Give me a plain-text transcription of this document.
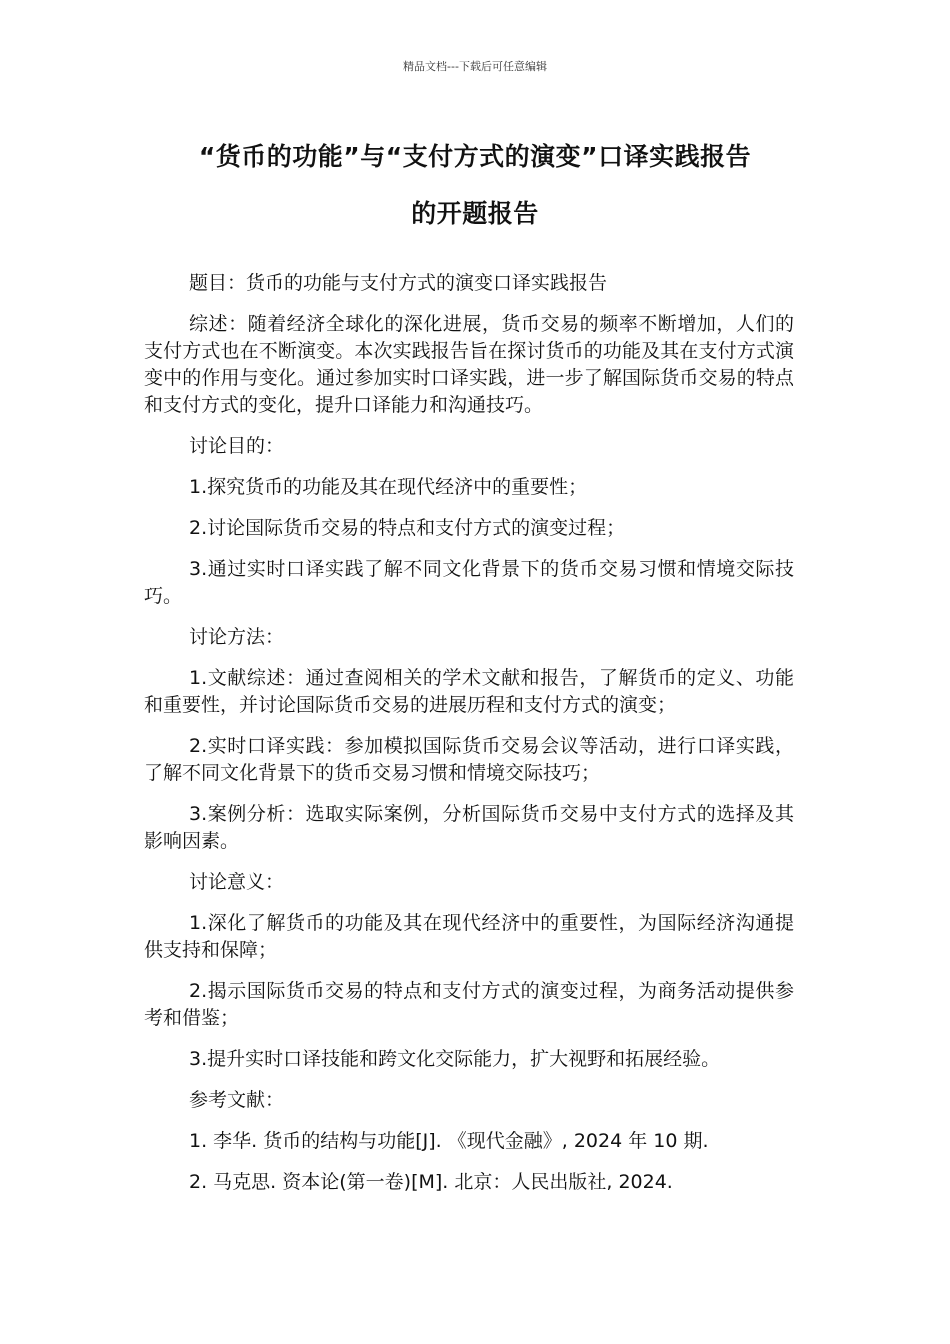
精品文档---下载后可任意编辑
“货币的功能”与“支付方式的演变”口译实践报告
的开题报告

题目：货币的功能与支付方式的演变口译实践报告

综述：随着经济全球化的深化进展，货币交易的频率不断增加，人们的支付方式也在不断演变。本次实践报告旨在探讨货币的功能及其在支付方式演变中的作用与变化。通过参加实时口译实践，进一步了解国际货币交易的特点和支付方式的变化，提升口译能力和沟通技巧。

讨论目的：

1.探究货币的功能及其在现代经济中的重要性；

2.讨论国际货币交易的特点和支付方式的演变过程；

3.通过实时口译实践了解不同文化背景下的货币交易习惯和情境交际技巧。

讨论方法：

1.文献综述：通过查阅相关的学术文献和报告，了解货币的定义、功能和重要性，并讨论国际货币交易的进展历程和支付方式的演变；

2.实时口译实践：参加模拟国际货币交易会议等活动，进行口译实践，了解不同文化背景下的货币交易习惯和情境交际技巧；

3.案例分析：选取实际案例，分析国际货币交易中支付方式的选择及其影响因素。

讨论意义：

1.深化了解货币的功能及其在现代经济中的重要性，为国际经济沟通提供支持和保障；

2.揭示国际货币交易的特点和支付方式的演变过程，为商务活动提供参考和借鉴；

3.提升实时口译技能和跨文化交际能力，扩大视野和拓展经验。

参考文献：

1. 李华. 货币的结构与功能[J]. 《现代金融》, 2024 年 10 期.

2. 马克思. 资本论(第一卷)[M]. 北京：人民出版社, 2024.
